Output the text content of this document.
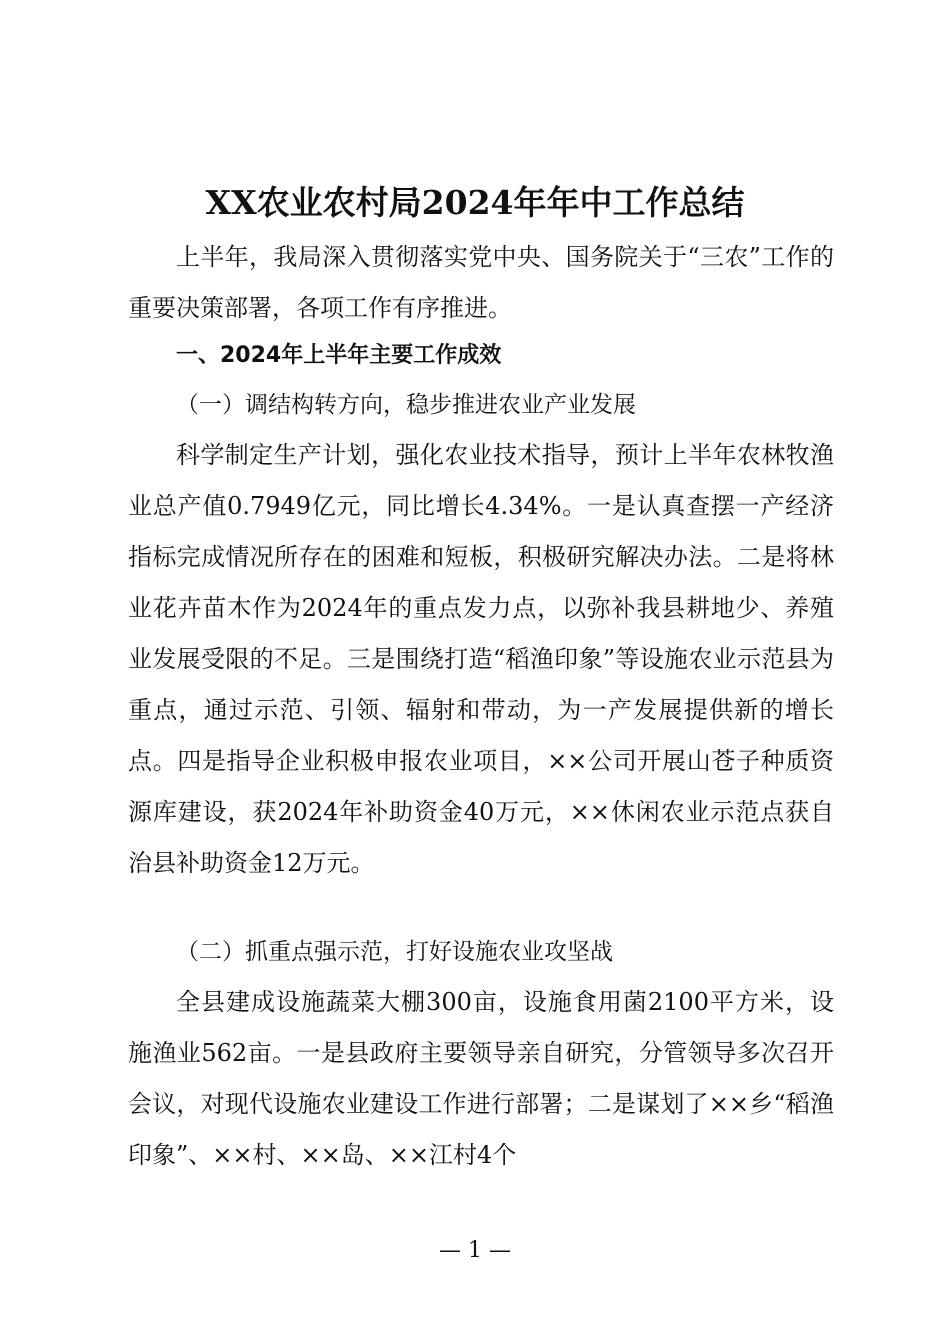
XX农业农村局2024年年中工作总结

上半年，我局深入贯彻落实党中央、国务院关于“三农”工作的重要决策部署，各项工作有序推进。

一、2024年上半年主要工作成效
（一）调结构转方向，稳步推进农业产业发展

科学制定生产计划，强化农业技术指导，预计上半年农林牧渔业总产值0.7949亿元，同比增长4.34%。一是认真查摆一产经济指标完成情况所存在的困难和短板，积极研究解决办法。二是将林业花卉苗木作为2024年的重点发力点，以弥补我县耕地少、养殖业发展受限的不足。三是围绕打造“稻渔印象”等设施农业示范县为重点，通过示范、引领、辐射和带动，为一产发展提供新的增长点。四是指导企业积极申报农业项目，××公司开展山苍子种质资源库建设，获2024年补助资金40万元，××休闲农业示范点获自治县补助资金12万元。

（二）抓重点强示范，打好设施农业攻坚战

全县建成设施蔬菜大棚300亩，设施食用菌2100平方米，设施渔业562亩。一是县政府主要领导亲自研究，分管领导多次召开会议，对现代设施农业建设工作进行部署；二是谋划了××乡“稻渔印象”、××村、××岛、××江村4个

— 1 —
